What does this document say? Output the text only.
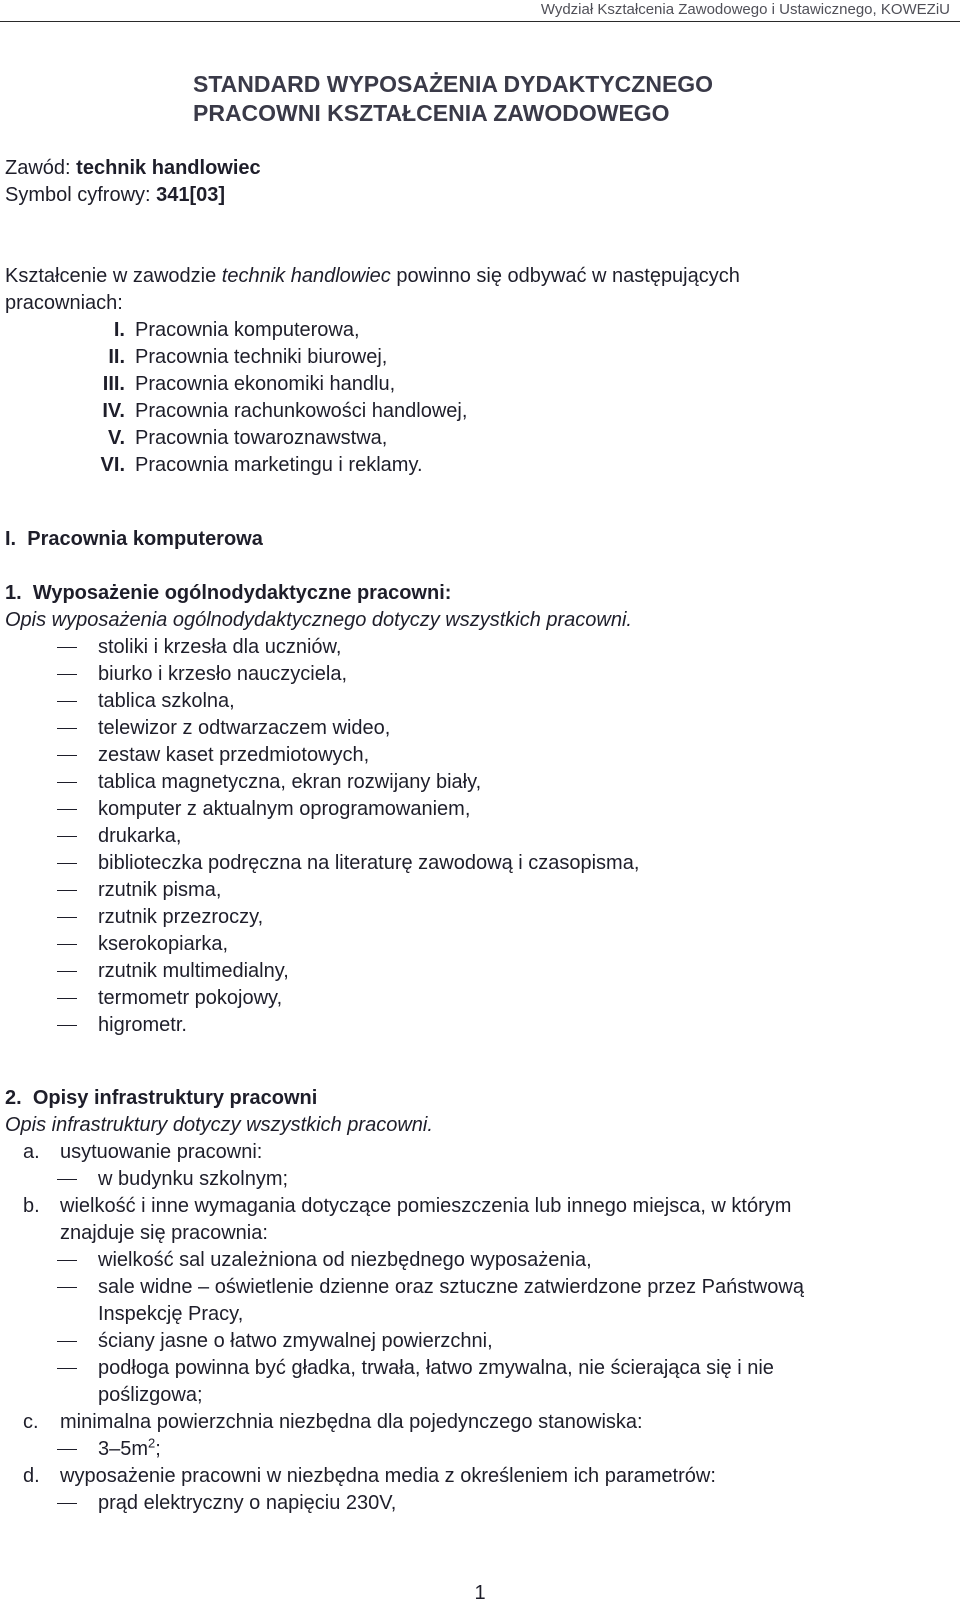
Wydział Kształcenia Zawodowego i Ustawicznego, KOWEZiU
STANDARD WYPOSAŻENIA DYDAKTYCZNEGO
PRACOWNI KSZTAŁCENIA ZAWODOWEGO
Zawód: technik handlowiec
Symbol cyfrowy: 341[03]
Kształcenie w zawodzie technik handlowiec powinno się odbywać w następujących
pracowniach:
I. Pracownia komputerowa,
II. Pracownia techniki biurowej,
III. Pracownia ekonomiki handlu,
IV. Pracownia rachunkowości handlowej,
V. Pracownia towaroznawstwa,
VI. Pracownia marketingu i reklamy.
I. Pracownia komputerowa
1. Wyposażenie ogólnodydaktyczne pracowni:
Opis wyposażenia ogólnodydaktycznego dotyczy wszystkich pracowni.
stoliki i krzesła dla uczniów,
biurko i krzesło nauczyciela,
tablica szkolna,
telewizor z odtwarzaczem wideo,
zestaw kaset przedmiotowych,
tablica magnetyczna, ekran rozwijany biały,
komputer z aktualnym oprogramowaniem,
drukarka,
biblioteczka podręczna na literaturę zawodową i czasopisma,
rzutnik pisma,
rzutnik przezroczy,
kserokopiarka,
rzutnik multimedialny,
termometr pokojowy,
higrometr.
2. Opisy infrastruktury pracowni
Opis infrastruktury dotyczy wszystkich pracowni.
a. usytuowanie pracowni:
w budynku szkolnym;
b. wielkość i inne wymagania dotyczące pomieszczenia lub innego miejsca, w którym
znajduje się pracownia:
wielkość sal uzależniona od niezbędnego wyposażenia,
sale widne – oświetlenie dzienne oraz sztuczne zatwierdzone przez Państwową
Inspekcję Pracy,
ściany jasne o łatwo zmywalnej powierzchni,
podłoga powinna być gładka, trwała, łatwo zmywalna, nie ścierająca się i nie
poślizgowa;
c. minimalna powierzchnia niezbędna dla pojedynczego stanowiska:
$3-5m^2$;
d. wyposażenie pracowni w niezbędna media z określeniem ich parametrów:
prąd elektryczny o napięciu 230V,
1
